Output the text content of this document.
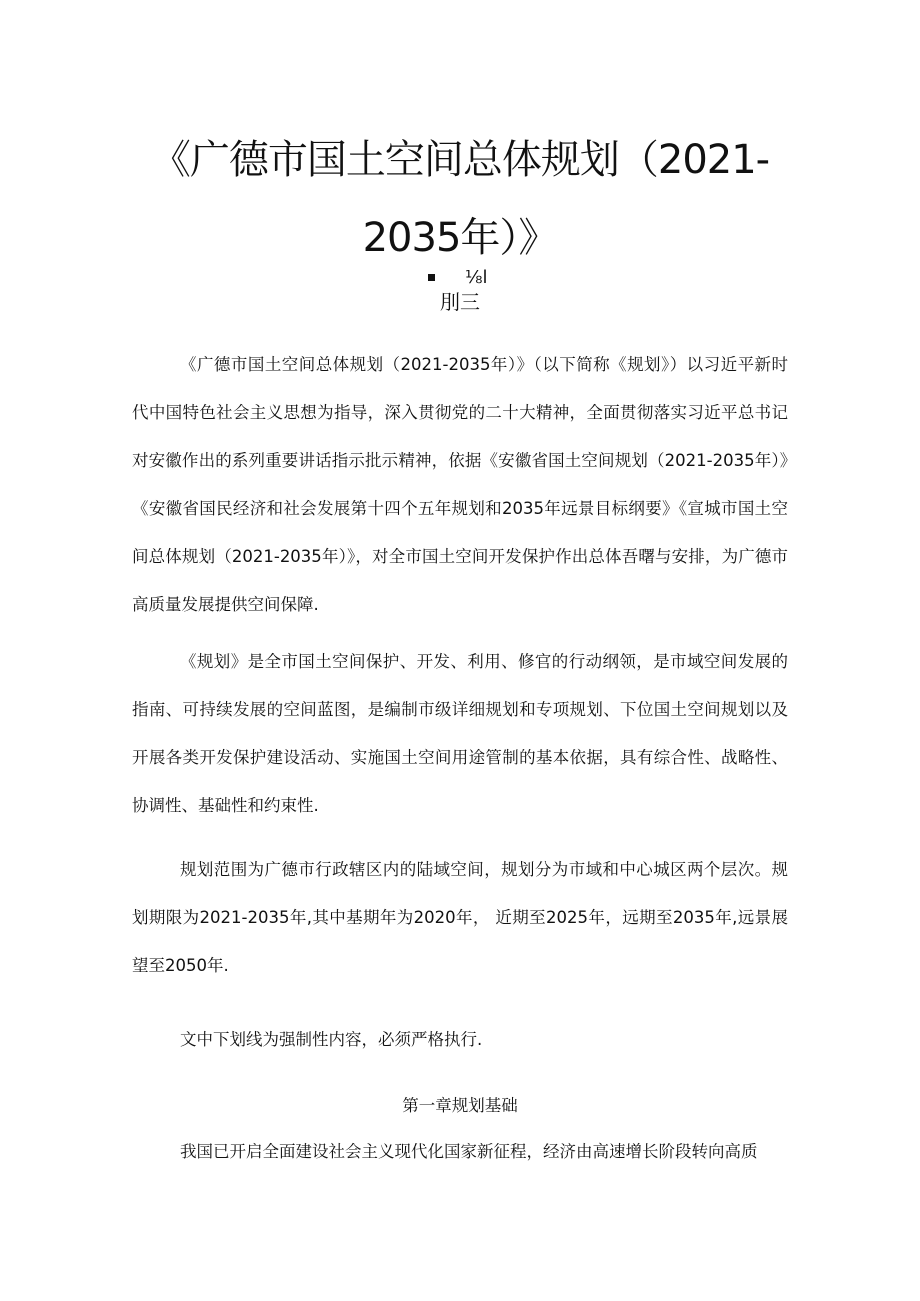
《广德市国土空间总体规划（2021-
2035年）》
⅛l
刖三

《广德市国土空间总体规划（2021-2035年）》（以下简称《规划》）以习近平新时代中国特色社会主义思想为指导，深入贯彻党的二十大精神，全面贯彻落实习近平总书记对安徽作出的系列重要讲话指示批示精神，依据《安徽省国土空间规划（2021-2035年）》《安徽省国民经济和社会发展第十四个五年规划和2035年远景目标纲要》《宣城市国土空间总体规划（2021-2035年）》，对全市国土空间开发保护作出总体吾曙与安排，为广德市高质量发展提供空间保障.

《规划》是全市国土空间保护、开发、利用、修官的行动纲领，是市域空间发展的指南、可持续发展的空间蓝图，是编制市级详细规划和专项规划、下位国土空间规划以及开展各类开发保护建设活动、实施国土空间用途管制的基本依据，具有综合性、战略性、协调性、基础性和约束性.

规划范围为广德市行政辖区内的陆域空间，规划分为市域和中心城区两个层次。规划期限为2021-2035年,其中基期年为2020年， 近期至2025年，远期至2035年,远景展望至2050年.

文中下划线为强制性内容，必须严格执行.

第一章规划基础

我国已开启全面建设社会主义现代化国家新征程，经济由高速增长阶段转向高质
